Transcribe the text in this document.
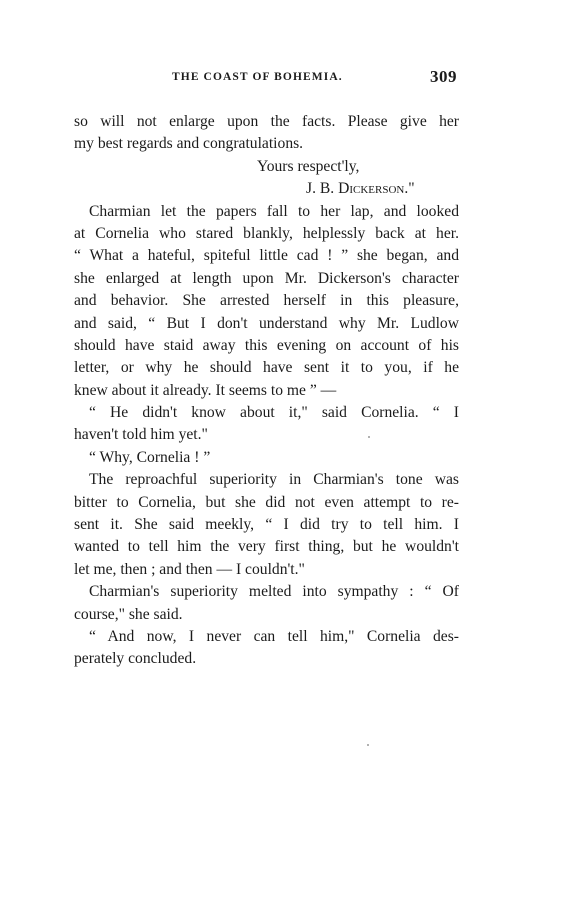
THE COAST OF BOHEMIA.	309
so will not enlarge upon the facts. Please give her
my best regards and congratulations.
Yours respect'ly,
J. B. Dickerson."
Charmian let the papers fall to her lap, and looked
at Cornelia who stared blankly, helplessly back at her.
“ What a hateful, spiteful little cad ! ” she began, and
she enlarged at length upon Mr. Dickerson's character
and behavior. She arrested herself in this pleasure,
and said, “ But I don't understand why Mr. Ludlow
should have staid away this evening on account of his
letter, or why he should have sent it to you, if he
knew about it already. It seems to me ” —
“ He didn't know about it," said Cornelia. “ I
haven't told him yet."
“ Why, Cornelia ! ”
The reproachful superiority in Charmian's tone was
bitter to Cornelia, but she did not even attempt to re-
sent it. She said meekly, “ I did try to tell him. I
wanted to tell him the very first thing, but he wouldn't
let me, then ; and then — I couldn't."
Charmian's superiority melted into sympathy : “ Of
course," she said.
“ And now, I never can tell him," Cornelia des-
perately concluded.
